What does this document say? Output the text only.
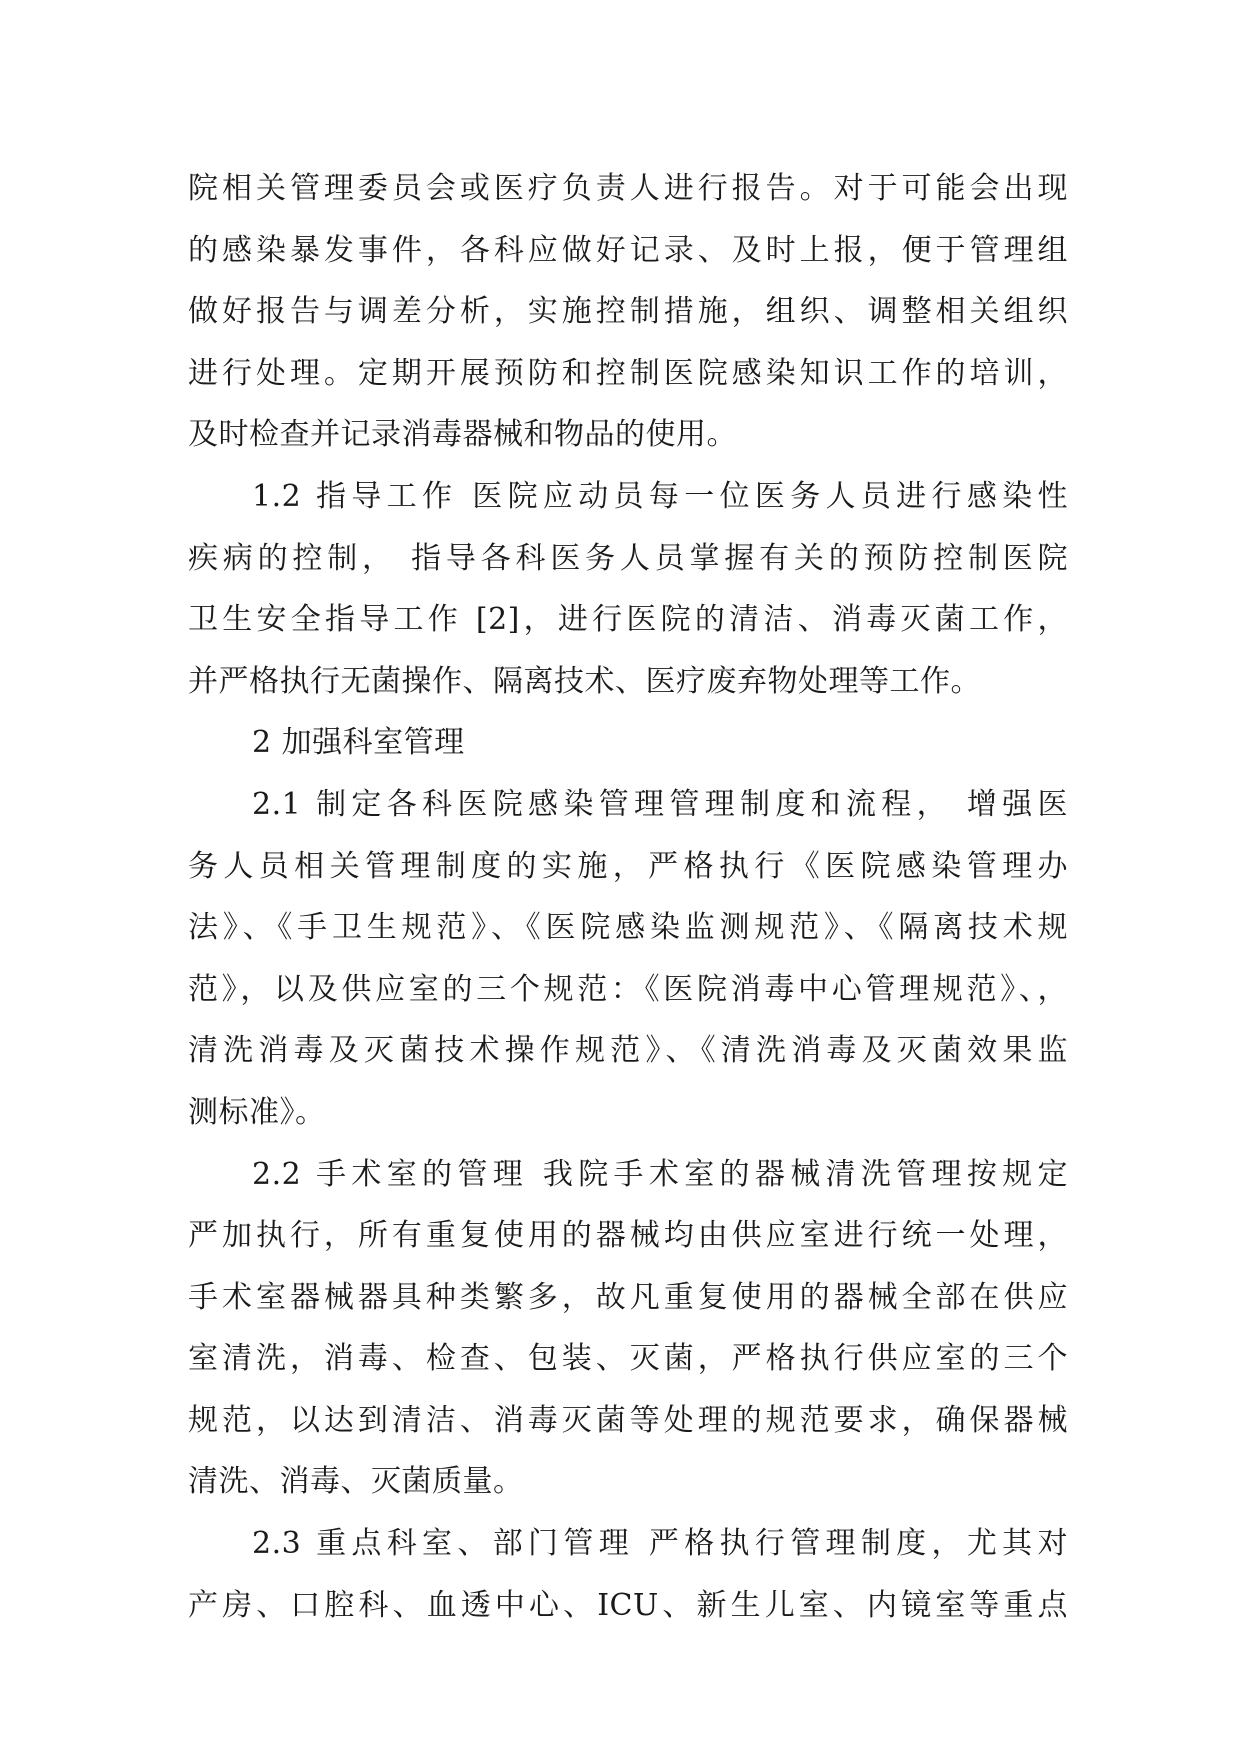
院相关管理委员会或医疗负责人进行报告。对于可能会出现
的感染暴发事件，各科应做好记录、及时上报，便于管理组
做好报告与调差分析，实施控制措施，组织、调整相关组织
进行处理。定期开展预防和控制医院感染知识工作的培训，
及时检查并记录消毒器械和物品的使用。
1.2 指导工作 医院应动员每一位医务人员进行感染性
疾病的控制， 指导各科医务人员掌握有关的预防控制医院
卫生安全指导工作 [2]，进行医院的清洁、消毒灭菌工作，
并严格执行无菌操作、隔离技术、医疗废弃物处理等工作。
2 加强科室管理
2.1 制定各科医院感染管理管理制度和流程， 增强医
务人员相关管理制度的实施，严格执行《医院感染管理办
法》、《手卫生规范》、《医院感染监测规范》、《隔离技术规
范》，以及供应室的三个规范：《医院消毒中心管理规范》、，
清洗消毒及灭菌技术操作规范》、《清洗消毒及灭菌效果监
测标准》。
2.2 手术室的管理 我院手术室的器械清洗管理按规定
严加执行，所有重复使用的器械均由供应室进行统一处理，
手术室器械器具种类繁多，故凡重复使用的器械全部在供应
室清洗，消毒、检查、包装、灭菌，严格执行供应室的三个
规范，以达到清洁、消毒灭菌等处理的规范要求，确保器械
清洗、消毒、灭菌质量。
2.3 重点科室、部门管理 严格执行管理制度，尤其对
产房、口腔科、血透中心、ICU、新生儿室、内镜室等重点
